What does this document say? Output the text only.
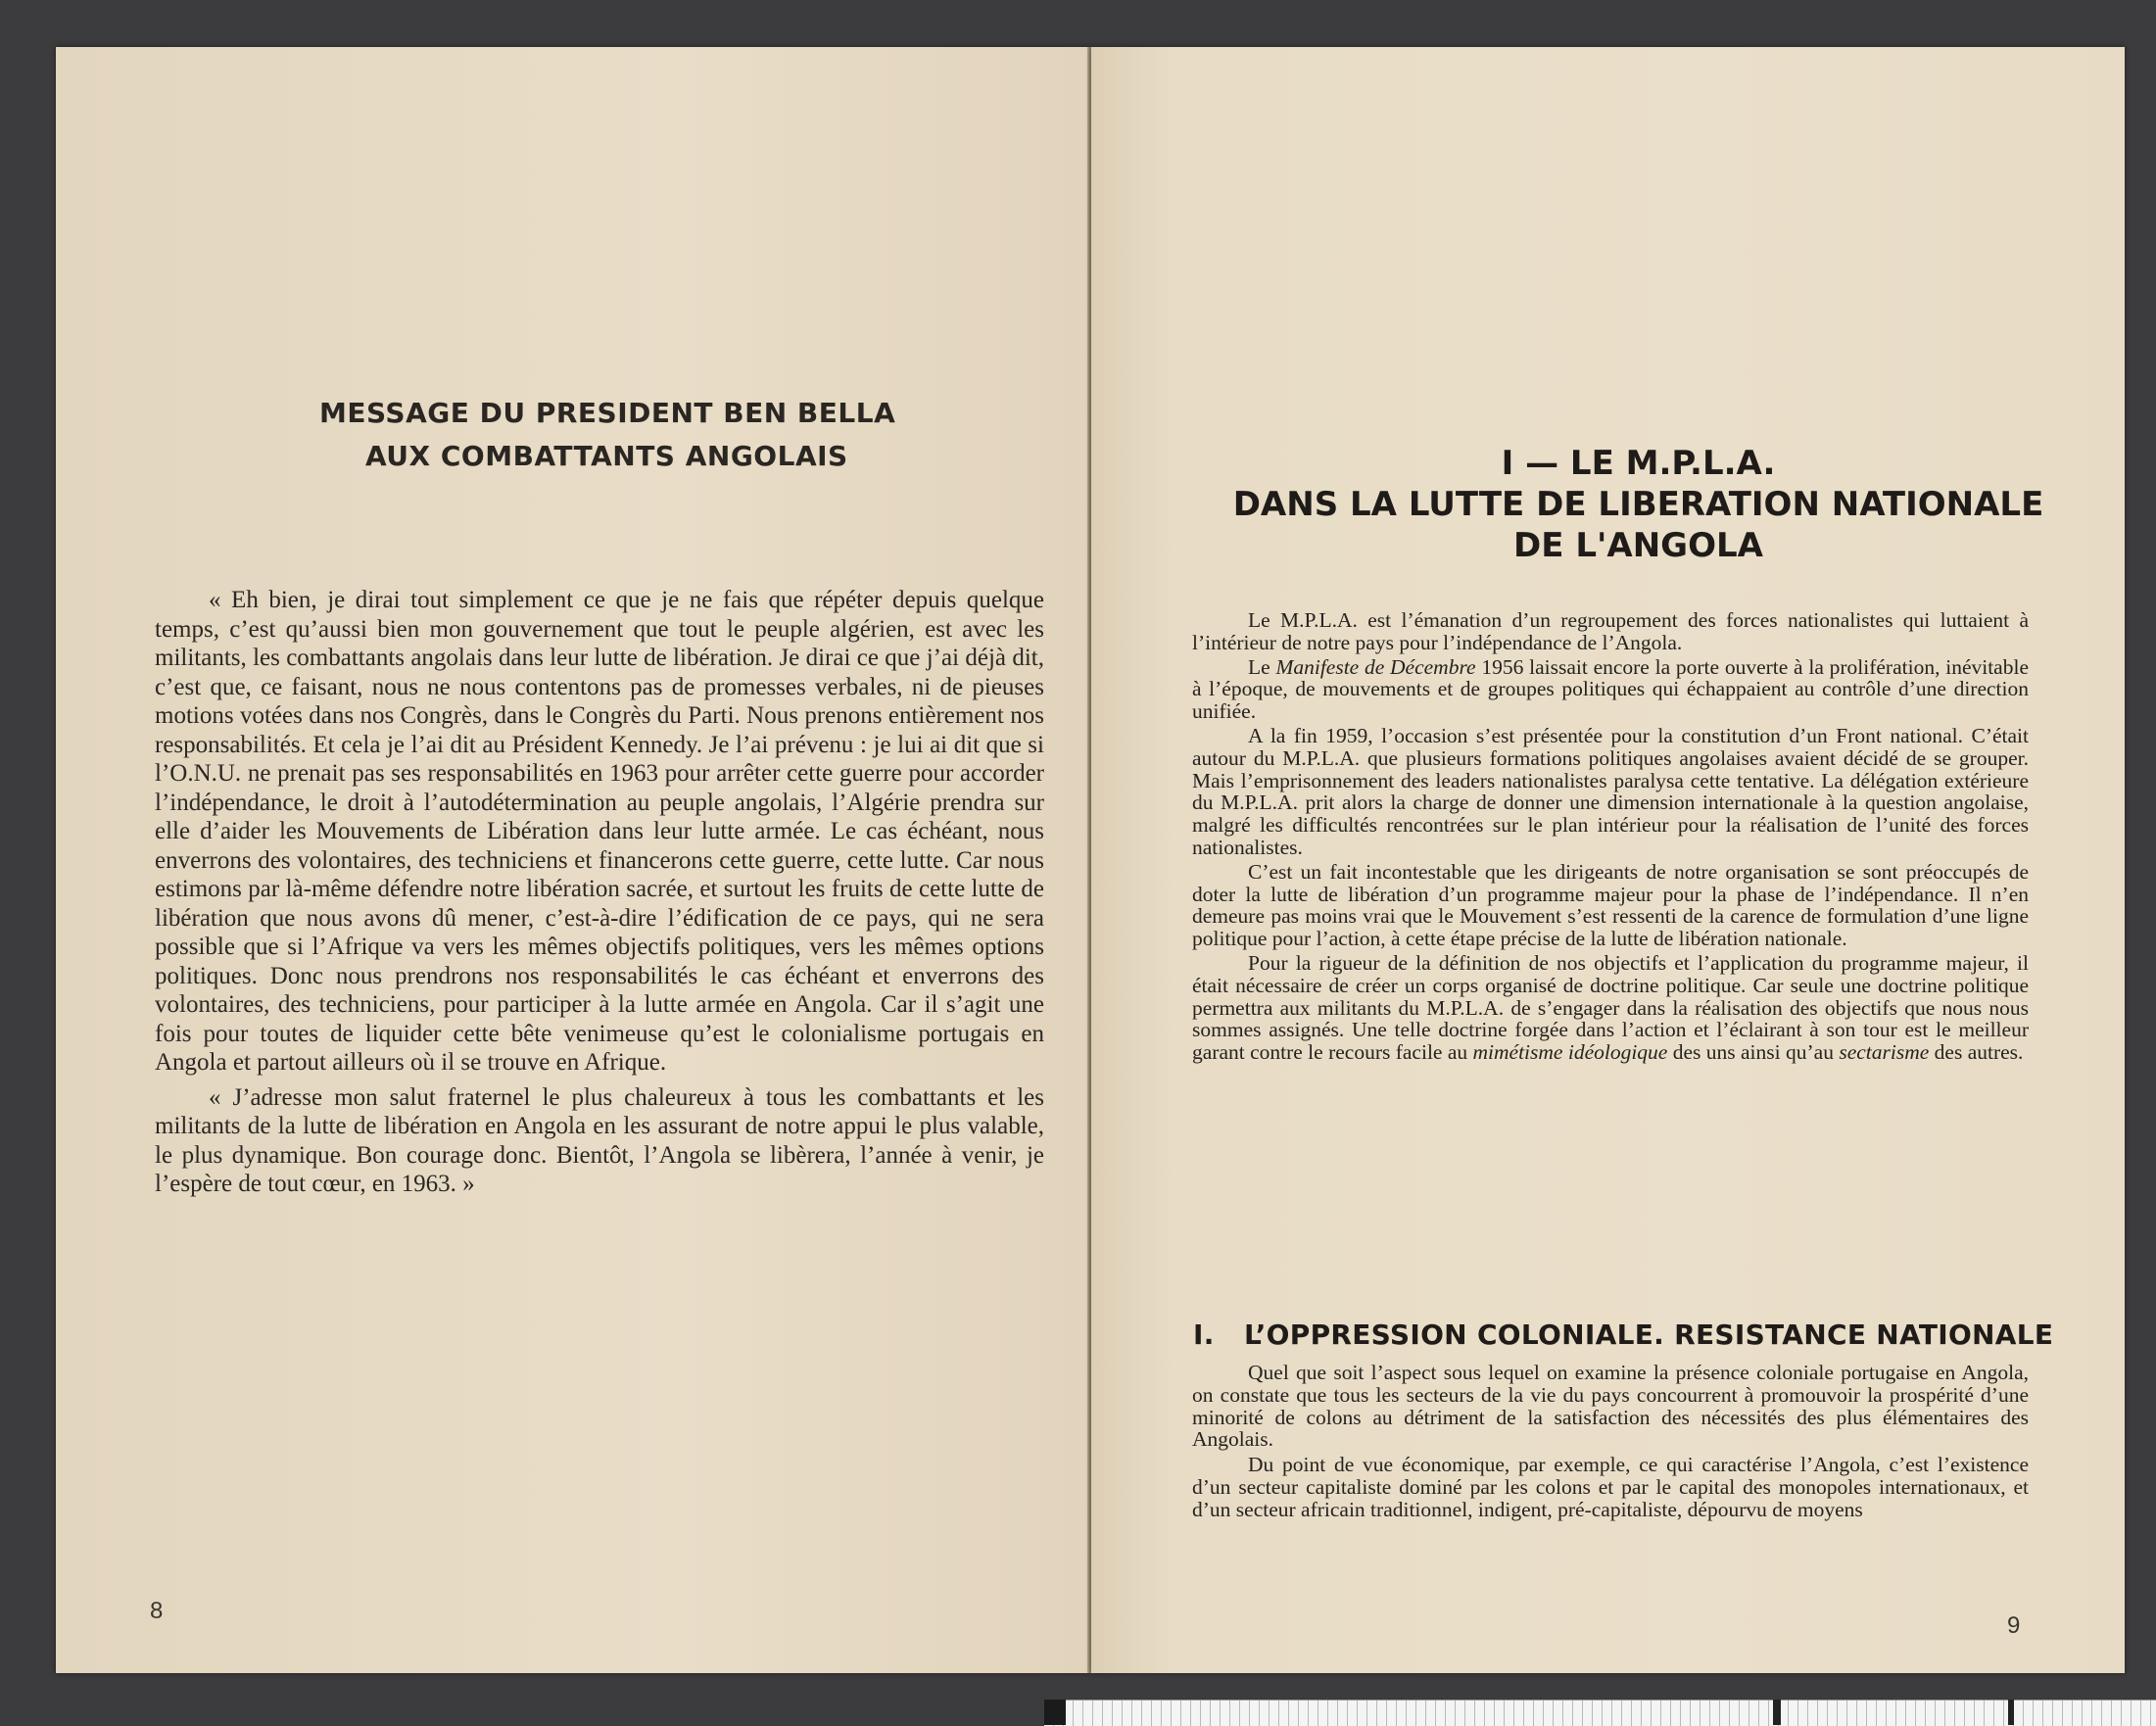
MESSAGE DU PRESIDENT BEN BELLA
AUX COMBATTANTS ANGOLAIS

« Eh bien, je dirai tout simplement ce que je ne fais que répéter depuis quelque temps, c’est qu’aussi bien mon gouvernement que tout le peuple algérien, est avec les militants, les combattants angolais dans leur lutte de libération. Je dirai ce que j’ai déjà dit, c’est que, ce faisant, nous ne nous contentons pas de promesses verbales, ni de pieuses motions votées dans nos Congrès, dans le Congrès du Parti. Nous prenons entièrement nos responsabilités. Et cela je l’ai dit au Président Kennedy. Je l’ai prévenu : je lui ai dit que si l’O.N.U. ne prenait pas ses responsabilités en 1963 pour arrêter cette guerre pour accorder l’indépendance, le droit à l’autodétermination au peuple angolais, l’Algérie prendra sur elle d’aider les Mouvements de Libération dans leur lutte armée. Le cas échéant, nous enverrons des volontaires, des techniciens et financerons cette guerre, cette lutte. Car nous estimons par là-même défendre notre libération sacrée, et surtout les fruits de cette lutte de libération que nous avons dû mener, c’est-à-dire l’édification de ce pays, qui ne sera possible que si l’Afrique va vers les mêmes objectifs politiques, vers les mêmes options politiques. Donc nous prendrons nos responsabilités le cas échéant et enverrons des volontaires, des techniciens, pour participer à la lutte armée en Angola. Car il s’agit une fois pour toutes de liquider cette bête venimeuse qu’est le colonialisme portugais en Angola et partout ailleurs où il se trouve en Afrique.

« J’adresse mon salut fraternel le plus chaleureux à tous les combattants et les militants de la lutte de libération en Angola en les assurant de notre appui le plus valable, le plus dynamique. Bon courage donc. Bientôt, l’Angola se libèrera, l’année à venir, je l’espère de tout cœur, en 1963. »

8
I — LE M.P.L.A.
DANS LA LUTTE DE LIBERATION NATIONALE
DE L'ANGOLA

Le M.P.L.A. est l’émanation d’un regroupement des forces nationalistes qui luttaient à l’intérieur de notre pays pour l’indépendance de l’Angola.

Le Manifeste de Décembre 1956 laissait encore la porte ouverte à la prolifération, inévitable à l’époque, de mouvements et de groupes politiques qui échappaient au contrôle d’une direction unifiée.

A la fin 1959, l’occasion s’est présentée pour la constitution d’un Front national. C’était autour du M.P.L.A. que plusieurs formations politiques angolaises avaient décidé de se grouper. Mais l’emprisonnement des leaders nationalistes paralysa cette tentative. La délégation extérieure du M.P.L.A. prit alors la charge de donner une dimension internationale à la question angolaise, malgré les difficultés rencontrées sur le plan intérieur pour la réalisation de l’unité des forces nationalistes.

C’est un fait incontestable que les dirigeants de notre organisation se sont préoccupés de doter la lutte de libération d’un programme majeur pour la phase de l’indépendance. Il n’en demeure pas moins vrai que le Mouvement s’est ressenti de la carence de formulation d’une ligne politique pour l’action, à cette étape précise de la lutte de libération nationale.

Pour la rigueur de la définition de nos objectifs et l’application du programme majeur, il était nécessaire de créer un corps organisé de doctrine politique. Car seule une doctrine politique permettra aux militants du M.P.L.A. de s’engager dans la réalisation des objectifs que nous nous sommes assignés. Une telle doctrine forgée dans l’action et l’éclairant à son tour est le meilleur garant contre le recours facile au mimétisme idéologique des uns ainsi qu’au sectarisme des autres.

I. L’OPPRESSION COLONIALE. RESISTANCE NATIONALE

Quel que soit l’aspect sous lequel on examine la présence coloniale portugaise en Angola, on constate que tous les secteurs de la vie du pays concourrent à promouvoir la prospérité d’une minorité de colons au détriment de la satisfaction des nécessités des plus élémentaires des Angolais.

Du point de vue économique, par exemple, ce qui caractérise l’Angola, c’est l’existence d’un secteur capitaliste dominé par les colons et par le capital des monopoles internationaux, et d’un secteur africain traditionnel, indigent, pré-capitaliste, dépourvu de moyens

9
